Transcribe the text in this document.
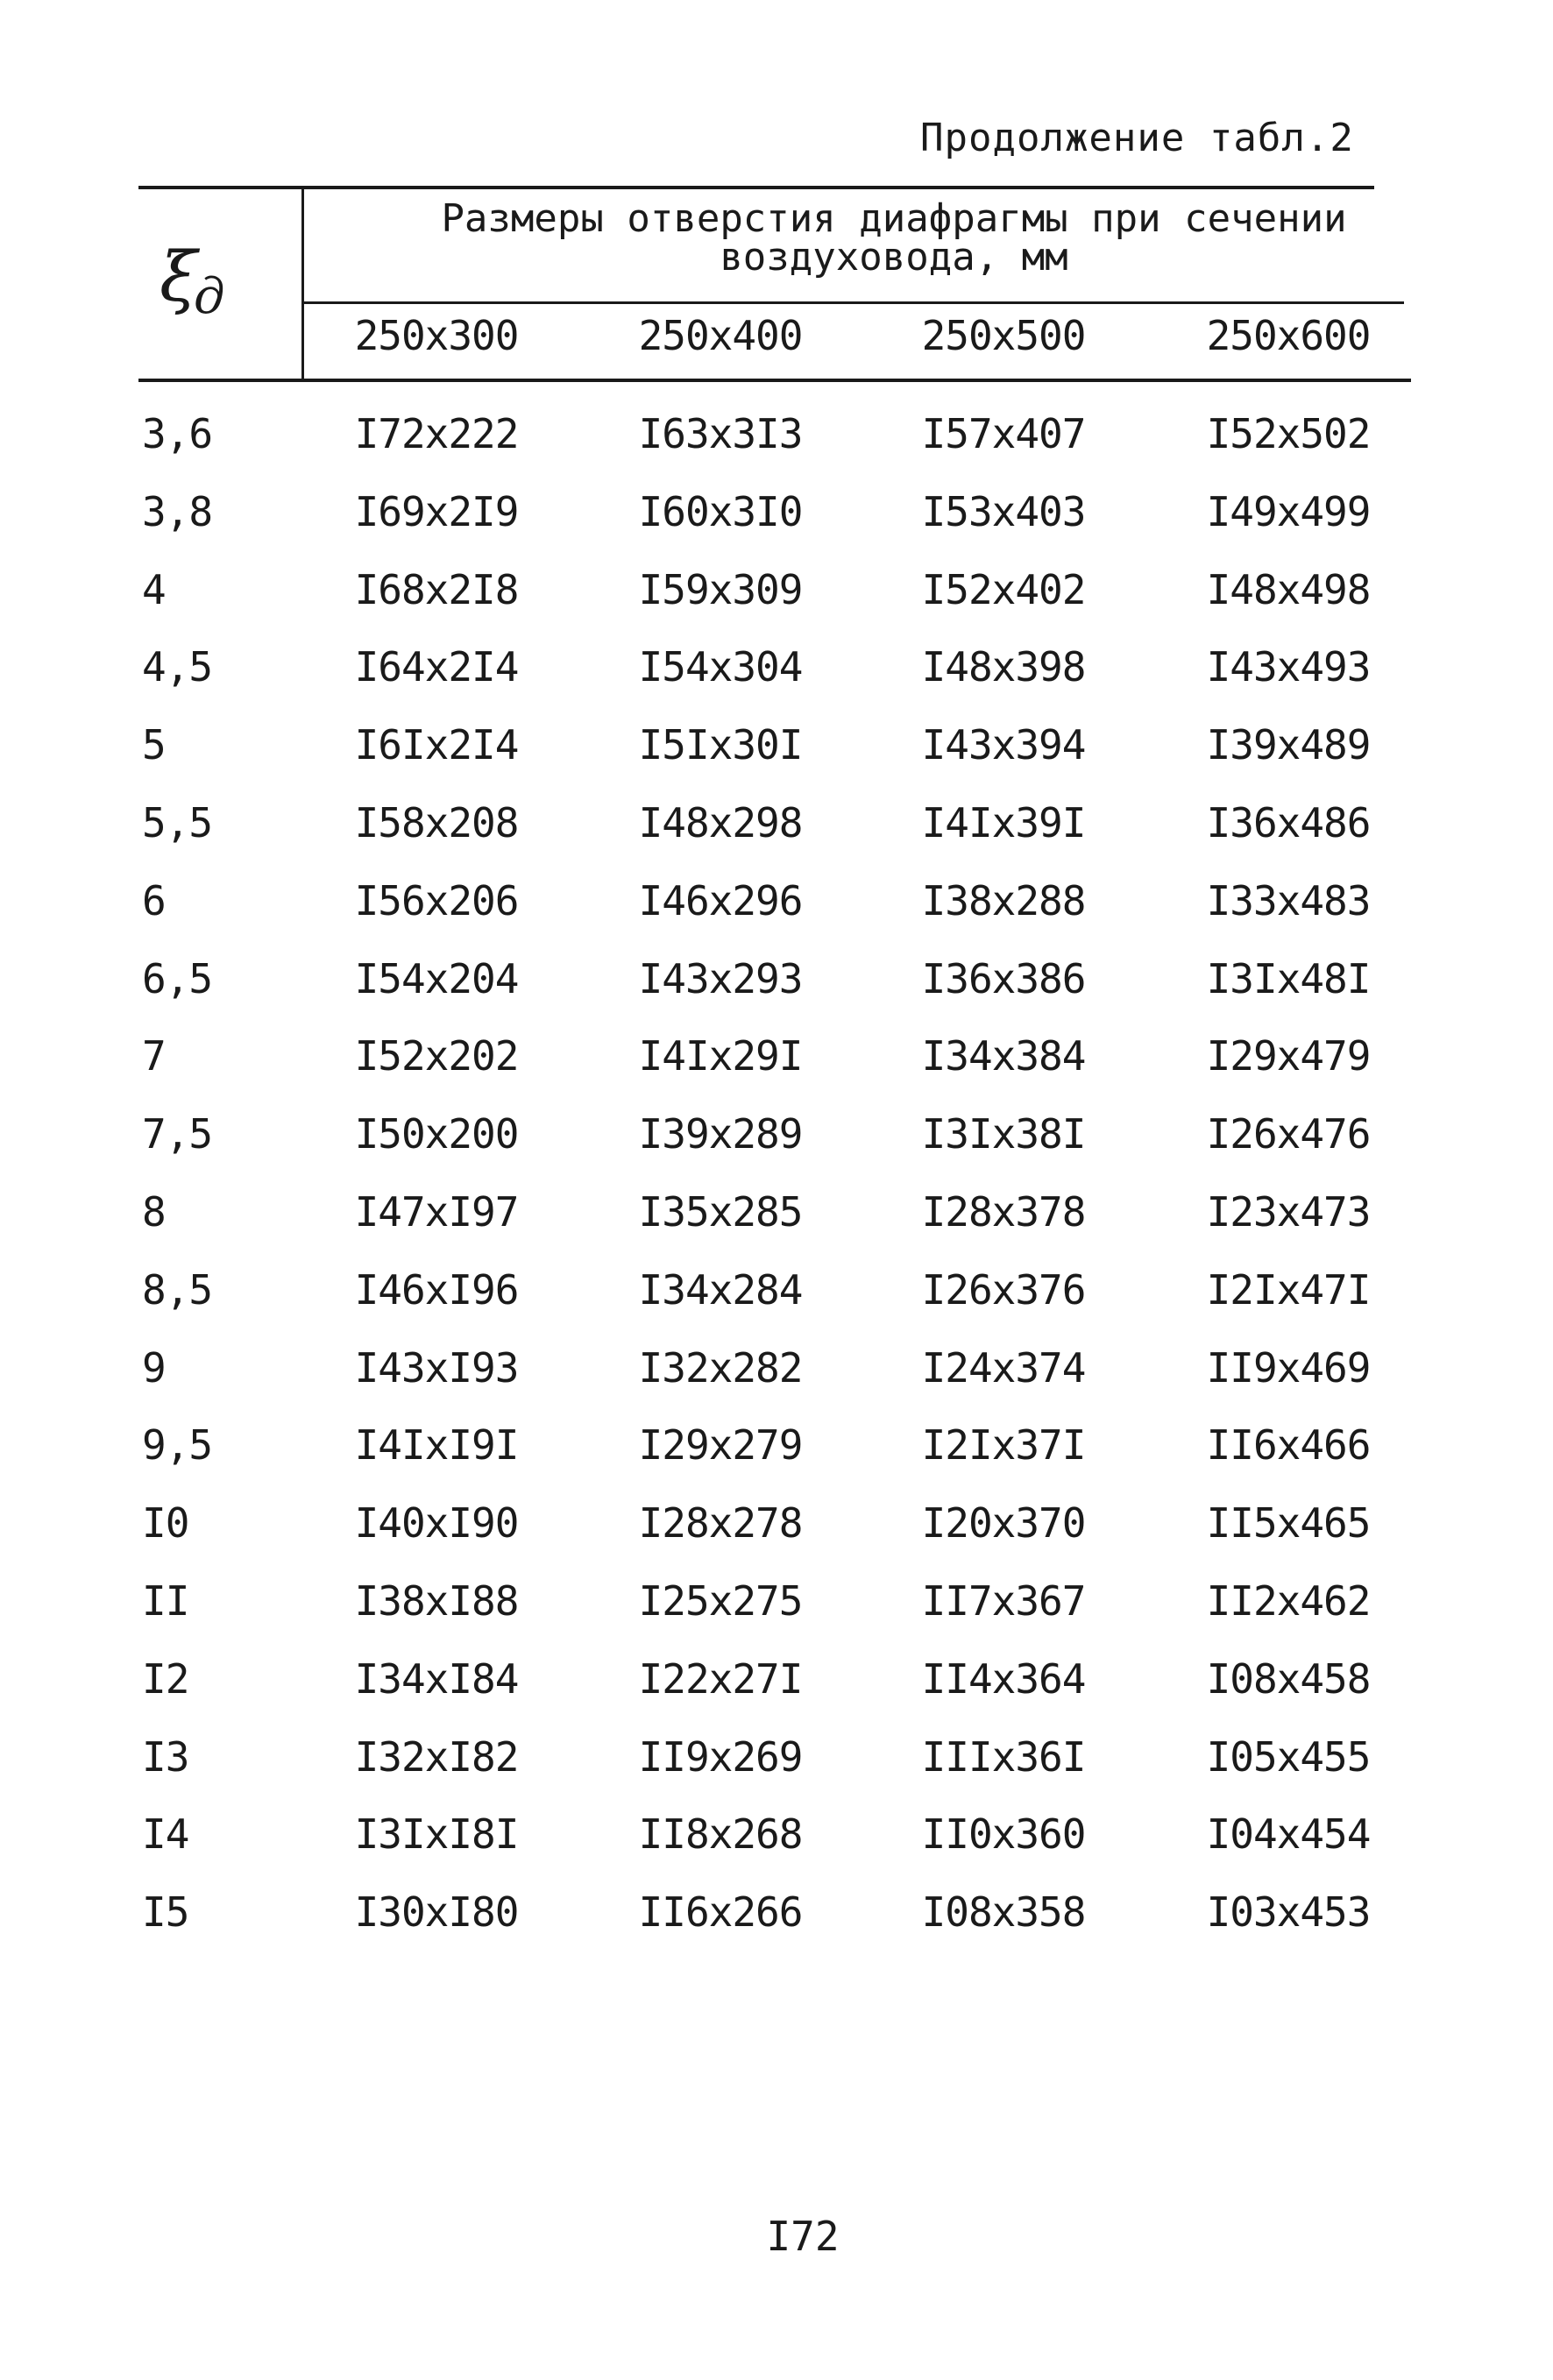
Продолжение табл.2
ξд
Размеры отверстия диафрагмы при сечении
воздуховода, мм
250x300	250x400	250x500	250x600
3,6	I72x222	I63x3I3	I57x407	I52x502
3,8	I69x2I9	I60x3I0	I53x403	I49x499
4	I68x2I8	I59x309	I52x402	I48x498
4,5	I64x2I4	I54x304	I48x398	I43x493
5	I6Ix2I4	I5Ix30I	I43x394	I39x489
5,5	I58x208	I48x298	I4Ix39I	I36x486
6	I56x206	I46x296	I38x288	I33x483
6,5	I54x204	I43x293	I36x386	I3Ix48I
7	I52x202	I4Ix29I	I34x384	I29x479
7,5	I50x200	I39x289	I3Ix38I	I26x476
8	I47xI97	I35x285	I28x378	I23x473
8,5	I46xI96	I34x284	I26x376	I2Ix47I
9	I43xI93	I32x282	I24x374	II9x469
9,5	I4IxI9I	I29x279	I2Ix37I	II6x466
I0	I40xI90	I28x278	I20x370	II5x465
II	I38xI88	I25x275	II7x367	II2x462
I2	I34xI84	I22x27I	II4x364	I08x458
I3	I32xI82	II9x269	IIIx36I	I05x455
I4	I3IxI8I	II8x268	II0x360	I04x454
I5	I30xI80	II6x266	I08x358	I03x453
I72
